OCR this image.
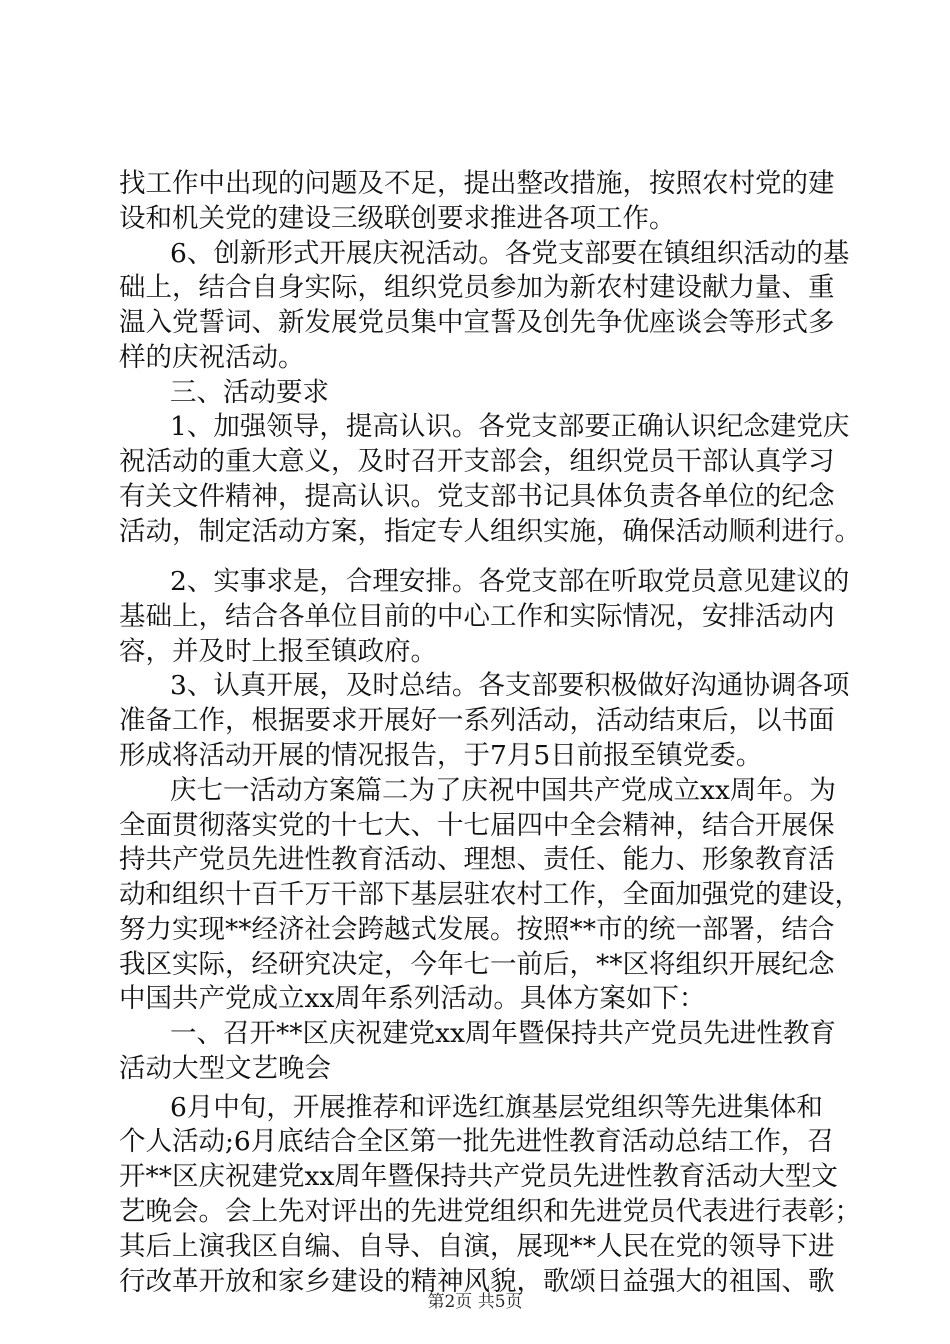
找工作中出现的问题及不足，提出整改措施，按照农村党的建

设和机关党的建设三级联创要求推进各项工作。

6、创新形式开展庆祝活动。各党支部要在镇组织活动的基

础上，结合自身实际，组织党员参加为新农村建设献力量、重

温入党誓词、新发展党员集中宣誓及创先争优座谈会等形式多

样的庆祝活动。

三、活动要求

1、加强领导，提高认识。各党支部要正确认识纪念建党庆

祝活动的重大意义，及时召开支部会，组织党员干部认真学习

有关文件精神，提高认识。党支部书记具体负责各单位的纪念

活动，制定活动方案，指定专人组织实施，确保活动顺利进行。

2、实事求是，合理安排。各党支部在听取党员意见建议的

基础上，结合各单位目前的中心工作和实际情况，安排活动内

容，并及时上报至镇政府。

3、认真开展，及时总结。各支部要积极做好沟通协调各项

准备工作，根据要求开展好一系列活动，活动结束后，以书面

形成将活动开展的情况报告，于7月5日前报至镇党委。

庆七一活动方案篇二为了庆祝中国共产党成立xx周年。为

全面贯彻落实党的十七大、十七届四中全会精神，结合开展保

持共产党员先进性教育活动、理想、责任、能力、形象教育活

动和组织十百千万干部下基层驻农村工作，全面加强党的建设，

努力实现**经济社会跨越式发展。按照**市的统一部署，结合

我区实际，经研究决定，今年七一前后，**区将组织开展纪念

中国共产党成立xx周年系列活动。具体方案如下：

一、召开**区庆祝建党xx周年暨保持共产党员先进性教育

活动大型文艺晚会

6月中旬，开展推荐和评选红旗基层党组织等先进集体和

个人活动;6月底结合全区第一批先进性教育活动总结工作，召

开**区庆祝建党xx周年暨保持共产党员先进性教育活动大型文

艺晚会。会上先对评出的先进党组织和先进党员代表进行表彰；

其后上演我区自编、自导、自演，展现**人民在党的领导下进

行改革开放和家乡建设的精神风貌，歌颂日益强大的祖国、歌

第2页 共5页
